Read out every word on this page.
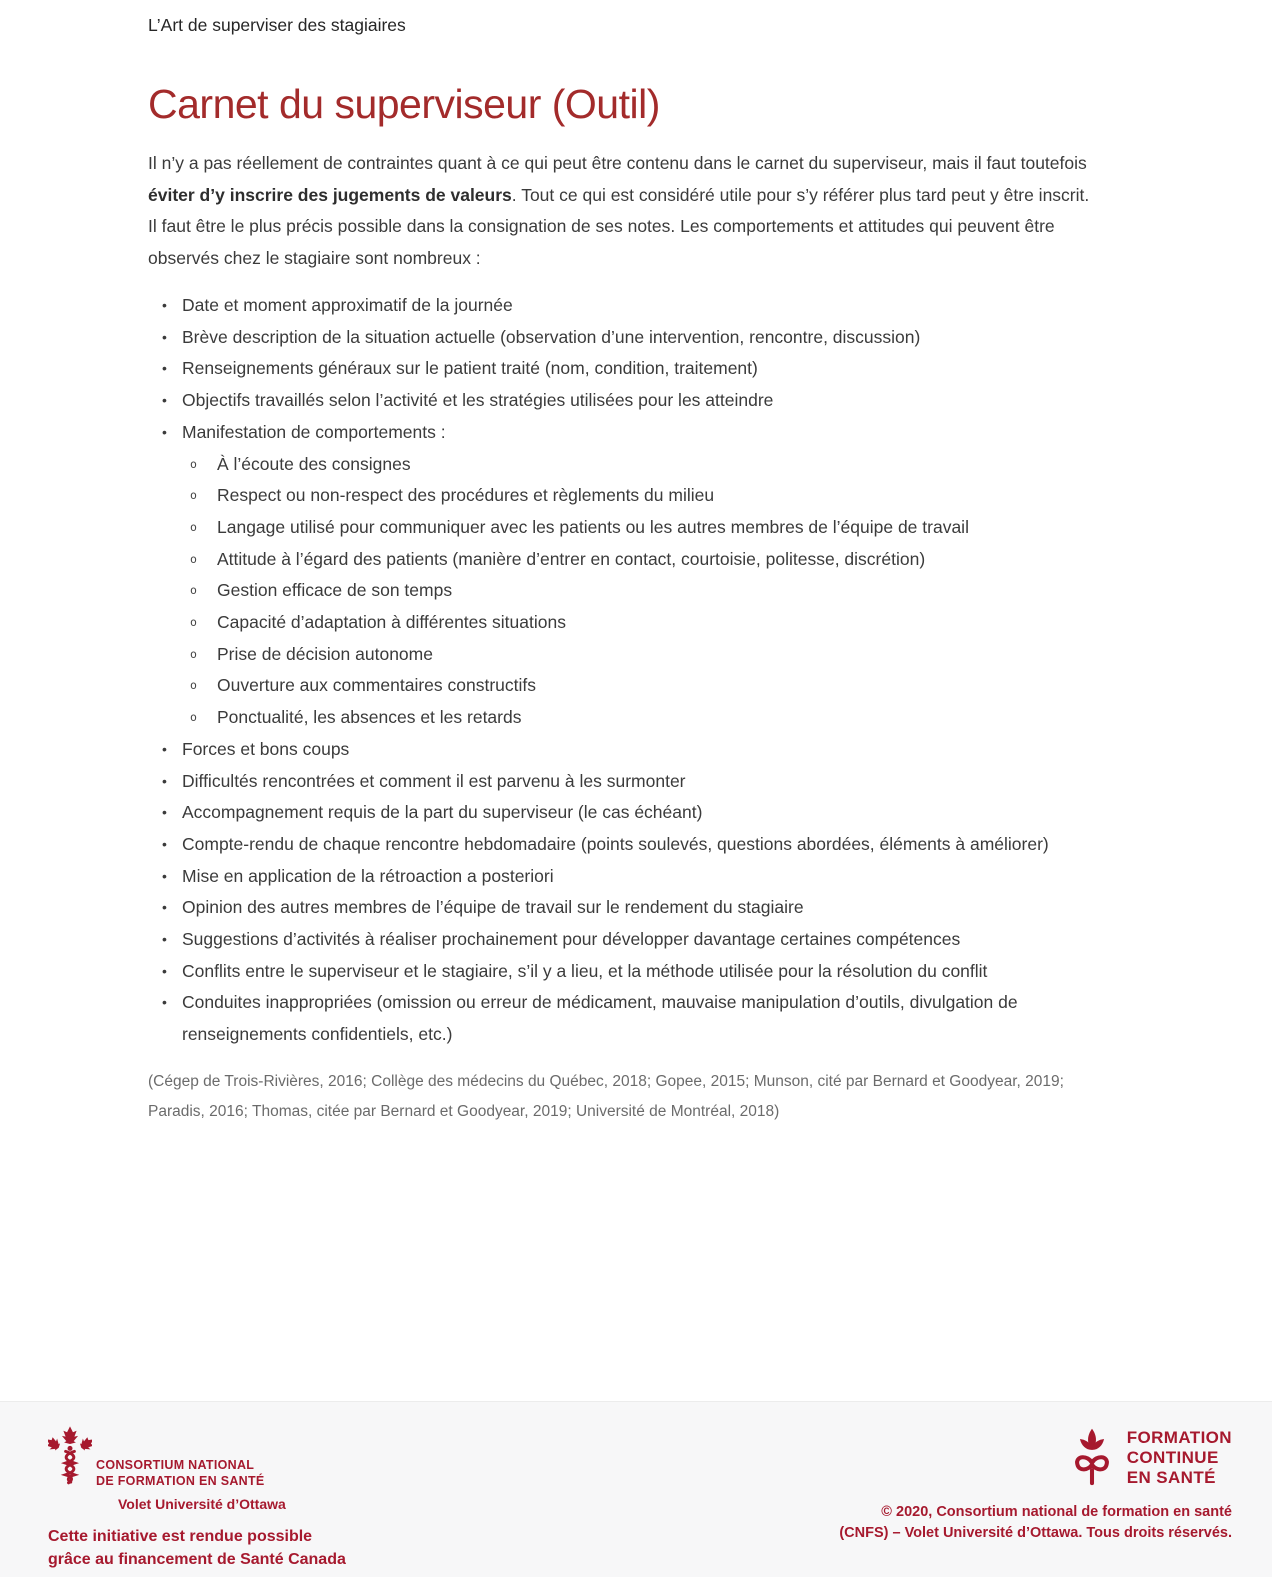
L’Art de superviser des stagiaires
Carnet du superviseur (Outil)

Il n’y a pas réellement de contraintes quant à ce qui peut être contenu dans le carnet du superviseur, mais il faut toutefois éviter d’y inscrire des jugements de valeurs. Tout ce qui est considéré utile pour s’y référer plus tard peut y être inscrit. Il faut être le plus précis possible dans la consignation de ses notes. Les comportements et attitudes qui peuvent être observés chez le stagiaire sont nombreux :

• Date et moment approximatif de la journée
• Brève description de la situation actuelle (observation d’une intervention, rencontre, discussion)
• Renseignements généraux sur le patient traité (nom, condition, traitement)
• Objectifs travaillés selon l’activité et les stratégies utilisées pour les atteindre
• Manifestation de comportements :
o	À l’écoute des consignes
o	Respect ou non-respect des procédures et règlements du milieu
o	Langage utilisé pour communiquer avec les patients ou les autres membres de l’équipe de travail
o	Attitude à l’égard des patients (manière d’entrer en contact, courtoisie, politesse, discrétion)
o	Gestion efficace de son temps
o	Capacité d’adaptation à différentes situations
o	Prise de décision autonome
o	Ouverture aux commentaires constructifs
o	Ponctualité, les absences et les retards
• Forces et bons coups
• Difficultés rencontrées et comment il est parvenu à les surmonter
• Accompagnement requis de la part du superviseur (le cas échéant)
• Compte-rendu de chaque rencontre hebdomadaire (points soulevés, questions abordées, éléments à améliorer)
• Mise en application de la rétroaction a posteriori
• Opinion des autres membres de l’équipe de travail sur le rendement du stagiaire
• Suggestions d’activités à réaliser prochainement pour développer davantage certaines compétences
• Conflits entre le superviseur et le stagiaire, s’il y a lieu, et la méthode utilisée pour la résolution du conflit
• Conduites inappropriées (omission ou erreur de médicament, mauvaise manipulation d’outils, divulgation de renseignements confidentiels, etc.)

(Cégep de Trois-Rivières, 2016; Collège des médecins du Québec, 2018; Gopee, 2015; Munson, cité par Bernard et Goodyear, 2019; Paradis, 2016; Thomas, citée par Bernard et Goodyear, 2019; Université de Montréal, 2018)

CONSORTIUM NATIONAL
DE FORMATION EN SANTÉ
Volet Université d’Ottawa
Cette initiative est rendue possible
grâce au financement de Santé Canada
FORMATION
CONTINUE
EN SANTÉ
© 2020, Consortium national de formation en santé
(CNFS) – Volet Université d’Ottawa. Tous droits réservés.
